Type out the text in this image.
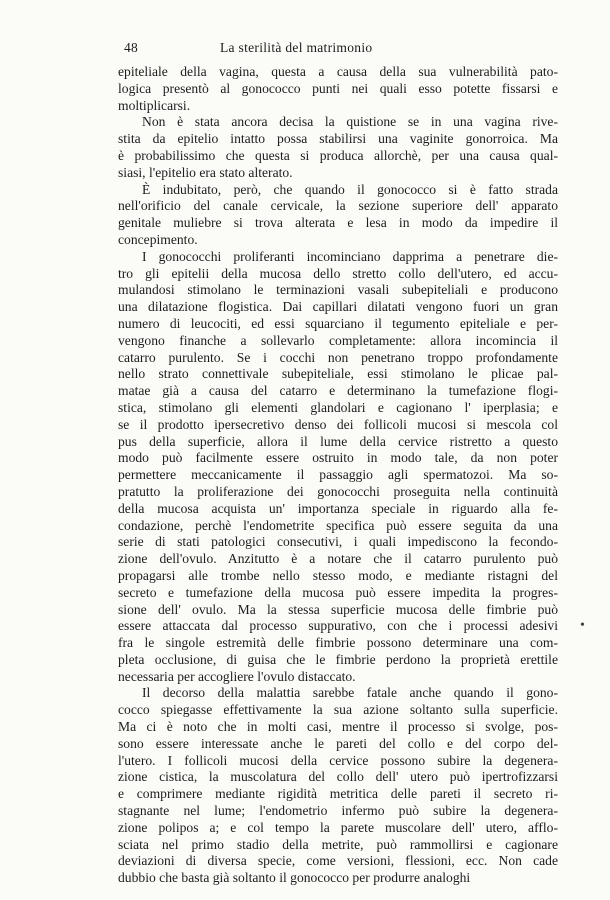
48	La sterilità del matrimonio
epiteliale della vagina, questa a causa della sua vulnerabilità pato-
logica presentò al gonococco punti nei quali esso potette fissarsi e
moltiplicarsi.
Non è stata ancora decisa la quistione se in una vagina rive-
stita da epitelio intatto possa stabilirsi una vaginite gonorroica. Ma
è probabilissimo che questa si produca allorchè, per una causa qual-
siasi, l'epitelio era stato alterato.
È indubitato, però, che quando il gonococco si è fatto strada
nell'orificio del canale cervicale, la sezione superiore dell' apparato
genitale muliebre si trova alterata e lesa in modo da impedire il
concepimento.
I gonococchi proliferanti incominciano dapprima a penetrare die-
tro gli epitelii della mucosa dello stretto collo dell'utero, ed accu-
mulandosi stimolano le terminazioni vasali subepiteliali e producono
una dilatazione flogistica. Dai capillari dilatati vengono fuori un gran
numero di leucociti, ed essi squarciano il tegumento epiteliale e per-
vengono finanche a sollevarlo completamente: allora incomincia il
catarro purulento. Se i cocchi non penetrano troppo profondamente
nello strato connettivale subepiteliale, essi stimolano le plicae pal-
matae già a causa del catarro e determinano la tumefazione flogi-
stica, stimolano gli elementi glandolari e cagionano l' iperplasia; e
se il prodotto ipersecretivo denso dei follicoli mucosi si mescola col
pus della superficie, allora il lume della cervice ristretto a questo
modo può facilmente essere ostruito in modo tale, da non poter
permettere meccanicamente il passaggio agli spermatozoi. Ma so-
pratutto la proliferazione dei gonococchi proseguita nella continuità
della mucosa acquista un' importanza speciale in riguardo alla fe-
condazione, perchè l'endometrite specifica può essere seguita da una
serie di stati patologici consecutivi, i quali impediscono la fecondo-
zione dell'ovulo. Anzitutto è a notare che il catarro purulento può
propagarsi alle trombe nello stesso modo, e mediante ristagni del
secreto e tumefazione della mucosa può essere impedita la progres-
sione dell' ovulo. Ma la stessa superficie mucosa delle fimbrie può
essere attaccata dal processo suppurativo, con che i processi adesivi
fra le singole estremità delle fimbrie possono determinare una com-
pleta occlusione, di guisa che le fimbrie perdono la proprietà erettile
necessaria per accogliere l'ovulo distaccato.
Il decorso della malattia sarebbe fatale anche quando il gono-
cocco spiegasse effettivamente la sua azione soltanto sulla superficie.
Ma ci è noto che in molti casi, mentre il processo si svolge, pos-
sono essere interessate anche le pareti del collo e del corpo del-
l'utero. I follicoli mucosi della cervice possono subire la degenera-
zione cistica, la muscolatura del collo dell' utero può ipertrofizzarsi
e comprimere mediante rigidità metritica delle pareti il secreto ri-
stagnante nel lume; l'endometrio infermo può subire la degenera-
zione polipos a; e col tempo la parete muscolare dell' utero, afflo-
sciata nel primo stadio della metrite, può rammollirsi e cagionare
deviazioni di diversa specie, come versioni, flessioni, ecc. Non cade
dubbio che basta già soltanto il gonococco per produrre analoghi
•
